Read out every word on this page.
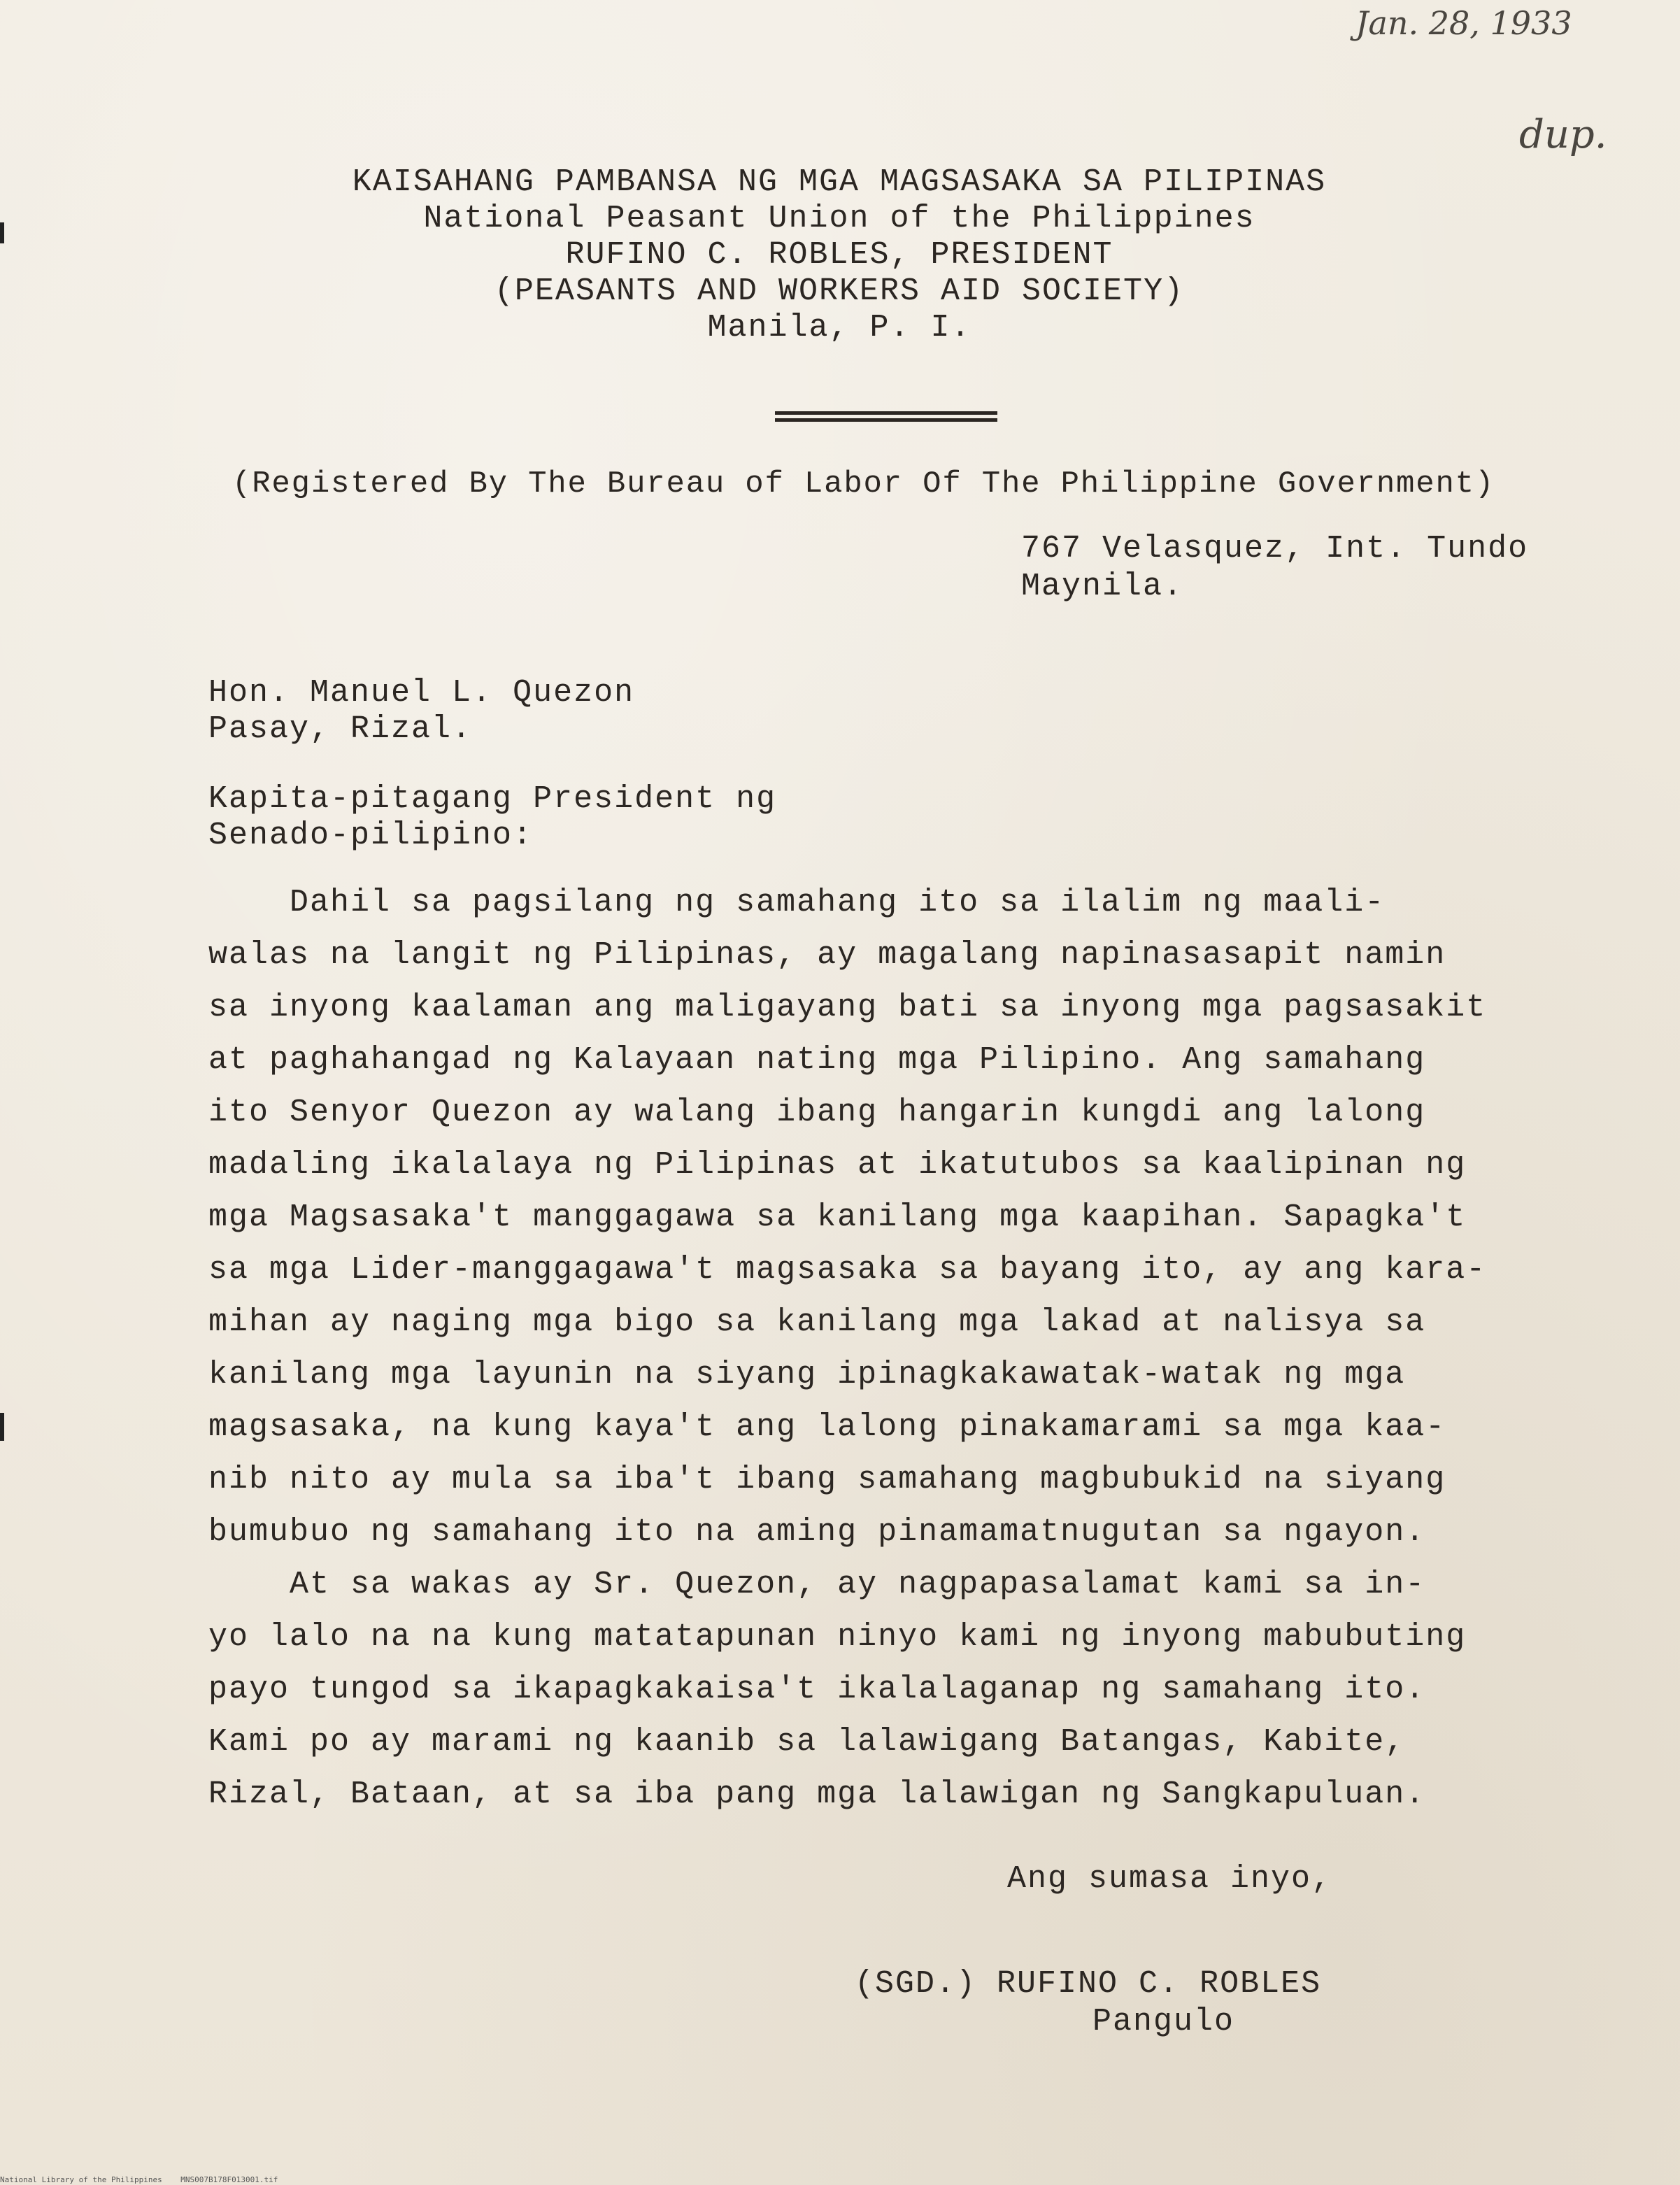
Jan. 28, 1933
dup.
KAISAHANG PAMBANSA NG MGA MAGSASAKA SA PILIPINAS
National Peasant Union of the Philippines
RUFINO C. ROBLES, PRESIDENT
(PEASANTS AND WORKERS AID SOCIETY)
Manila, P. I.
(Registered By The Bureau of Labor Of The Philippine Government)
767 Velasquez, Int. Tundo
Maynila.
Hon. Manuel L. Quezon
Pasay, Rizal.
Kapita-pitagang President ng
Senado-pilipino:
Dahil sa pagsilang ng samahang ito sa ilalim ng maali-
walas na langit ng Pilipinas, ay magalang napinasasapit namin
sa inyong kaalaman ang maligayang bati sa inyong mga pagsasakit
at paghahangad ng Kalayaan nating mga Pilipino. Ang samahang
ito Senyor Quezon ay walang ibang hangarin kungdi ang lalong
madaling ikalalaya ng Pilipinas at ikatutubos sa kaalipinan ng
mga Magsasaka't manggagawa sa kanilang mga kaapihan. Sapagka't
sa mga Lider-manggagawa't magsasaka sa bayang ito, ay ang kara-
mihan ay naging mga bigo sa kanilang mga lakad at nalisya sa
kanilang mga layunin na siyang ipinagkakawatak-watak ng mga
magsasaka, na kung kaya't ang lalong pinakamarami sa mga kaa-
nib nito ay mula sa iba't ibang samahang magbubukid na siyang
bumubuo ng samahang ito na aming pinamamatnugutan sa ngayon.
At sa wakas ay Sr. Quezon, ay nagpapasalamat kami sa in-
yo lalo na na kung matatapunan ninyo kami ng inyong mabubuting
payo tungod sa ikapagkakaisa't ikalalaganap ng samahang ito.
Kami po ay marami ng kaanib sa lalawigang Batangas, Kabite,
Rizal, Bataan, at sa iba pang mga lalawigan ng Sangkapuluan.
Ang sumasa inyo,
(SGD.) RUFINO C. ROBLES
Pangulo
National Library of the Philippines MNS007B178F013001.tif
